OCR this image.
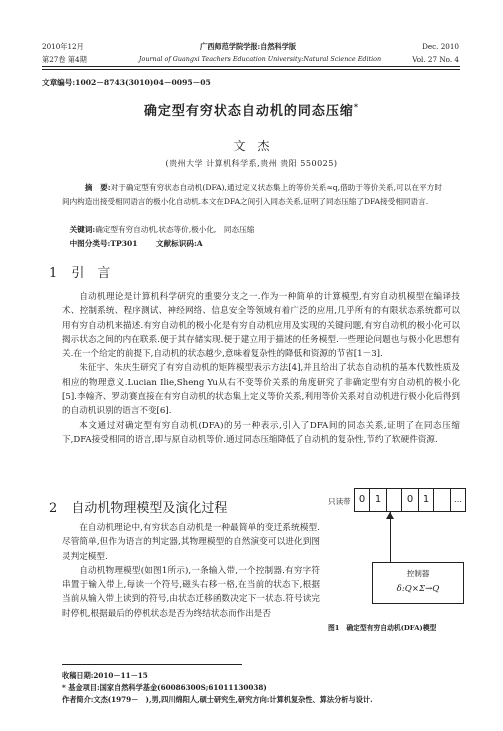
2010年12月	广西师范学院学报:自然科学版	Dec. 2010
第27卷 第4期	Journal of Guangxi Teachers Education University:Natural Science Edition	Vol. 27 No. 4
文章编号:1002－8743(3010)04－0095－05
确定型有穷状态自动机的同态压缩*
文　杰
(贵州大学 计算机科学系,贵州 贵阳 550025)
摘　要:对于确定型有穷状态自动机(DFA),通过定义状态集上的等价关系≈q,借助于等价关系,可以在平方时间内构造出接受相同语言的极小化自动机.本文在DFA之间引入同态关系,证明了同态压缩了DFA接受相同语言.
关键词:确定型有穷自动机,状态等价,极小化,　同态压缩
中图分类号:TP301 文献标识码:A
1 引　言

自动机理论是计算机科学研究的重要分支之一.作为一种简单的计算模型,有穷自动机模型在编译技术、控制系统、程序测试、神经网络、信息安全等领域有着广泛的应用,几乎所有的有限状态系统都可以用有穷自动机来描述.有穷自动机的极小化是有穷自动机应用及实现的关键问题,有穷自动机的极小化可以揭示状态之间的内在联系.便于其存储实现.便于建立用于描述的任务模型.一些理论问题也与极小化思想有关.在一个给定的前提下,自动机的状态越少,意味着复杂性的降低和资源的节省[1－3].

朱征宇、朱庆生研究了有穷自动机的矩阵模型表示方法[4],并且给出了状态自动机的基本代数性质及相应的物理意义.Lucian Ilie,Sheng Yu从右不变等价关系的角度研究了非确定型有穷自动机的极小化[5].李翰齐、罗动赛直接在有穷自动机的状态集上定义等价关系,利用等价关系对自动机进行极小化后得到的自动机识别的语言不变[6].

本文通过对确定型有穷自动机(DFA)的另一种表示,引入了DFA间的同态关系,证明了在同态压缩下,DFA接受相同的语言,即与原自动机等价.通过同态压缩降低了自动机的复杂性,节约了软硬件资源.

2 自动机物理模型及演化过程

在自动机理论中,有穷状态自动机是一种最简单的变迁系统模型.尽管简单,但作为语言的判定器,其物理模型的自然演变可以进化到图灵判定模型.

自动机物理模型(如图1所示),一条输入带,一个控制器.有穷字符串置于输入带上,每读一个符号,磁头右移一格,在当前的状态下,根据当前从输入带上读到的符号,由状态迁移函数决定下一状态.符号读完时停机,根据最后的停机状态是否为终结状态而作出是否

只读带 0 1	0 1	…
控制器
δ:Q×Σ→Q
图1　确定型有穷自动机(DFA)模型
收稿日期:2010－11－15
* 基金项目:国家自然科学基金(60086300S;61011130038)
作者简介:文杰(1979－　),男,四川绵阳人,硕士研究生,研究方向:计算机复杂性、算法分析与设计.
